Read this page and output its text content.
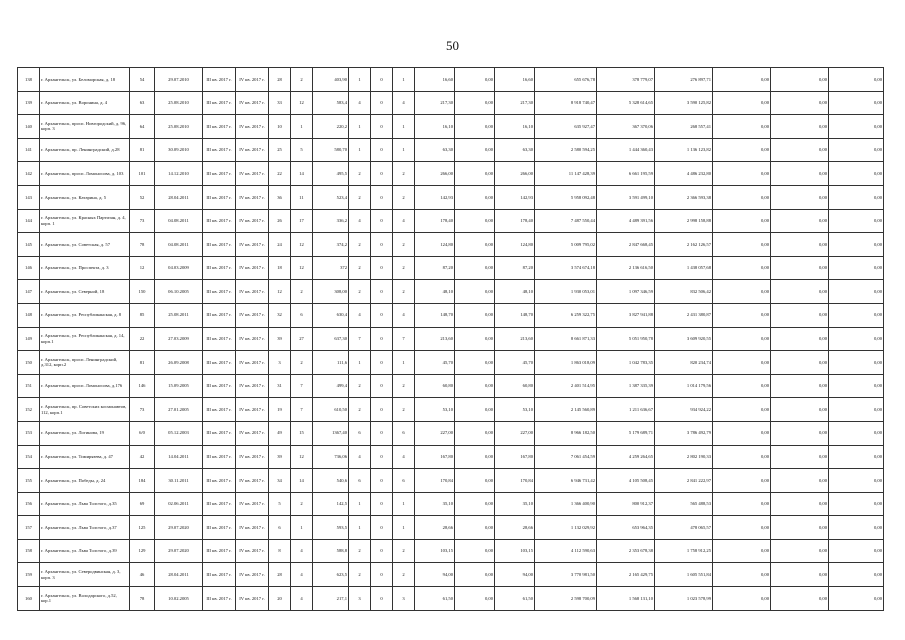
50
138	г. Архангельск, ул. Беломорская, д. 18	54	29.07.2010	III кв. 2017 г.	IV кв. 2017 г.	28	2	403,90	1	0	1	16,60	0,00	16,60	655 676,78	378 779,07	276 897,71	0,00	0,00	0,00
139	г. Архангельск, ул. Воронина, д. 4	63	25.08.2010	III кв. 2017 г.	IV кв. 2017 г.	33	12	583,4	4	0	4	217,30	0,00	217,30	8 918 740,47	5 328 614,65	3 590 125,82	0,00	0,00	0,00
140	г. Архангельск, просп. Новгородский, д. 96, корп. 3	64	25.08.2010	III кв. 2017 г.	IV кв. 2017 г.	10	1	220,2	1	0	1	16,10	0,00	16,10	635 927,47	367 370,06	268 557,41	0,00	0,00	0,00
141	г. Архангельск, пр. Ленинградский, д.28	81	30.09.2010	III кв. 2017 г.	IV кв. 2017 г.	25	5	580,70	1	0	1	63,30	0,00	63,30	2 580 594,25	1 444 360,43	1 136 123,82	0,00	0,00	0,00
142	г. Архангельск, просп. Ломоносова, д. 103	101	14.12.2010	III кв. 2017 г.	IV кв. 2017 г.	22	14	495,5	2	0	2	266,00	0,00	266,00	11 147 428,39	6 661 195,59	4 486 232,80	0,00	0,00	0,00
143	г. Архангельск, ул. Катарина, д. 5	52	28.04.2011	III кв. 2017 г.	IV кв. 2017 г.	36	11	523,4	2	0	2	142,93	0,00	142,93	5 958 092,48	3 591 499,10	2 366 593,38	0,00	0,00	0,00
144	г. Архангельск, ул. Красных Партизан, д. 4, корп. 1	73	04.08.2011	III кв. 2017 г.	IV кв. 2017 г.	26	17	336,2	4	0	4	178,40	0,00	178,40	7 487 550,44	4 489 391,56	2 998 158,88	0,00	0,00	0,00
145	г. Архангельск, ул. Советская, д. 57	78	04.08.2011	III кв. 2017 г.	IV кв. 2017 г.	24	12	374,2	2	0	2	124,80	0,00	124,80	5 009 795,02	2 847 668,45	2 162 126,57	0,00	0,00	0,00
146	г. Архангельск, ул. Проспекта, д. 3	12	04.03.2009	III кв. 2017 г.	IV кв. 2017 г.	18	12	372	2	0	2	87,20	0,00	87,20	3 574 674,18	2 136 616,50	1 438 057,68	0,00	0,00	0,00
147	г. Архангельск, ул. Северной, 18	150	06.10.2005	III кв. 2017 г.	IV кв. 2017 г.	12	2	308,00	2	0	2	48,10	0,00	48,10	1 930 053,01	1 097 346,59	832 506,42	0,00	0,00	0,00
148	г. Архангельск, ул. Республиканская, д. 8	85	25.08.2011	III кв. 2017 г.	IV кв. 2017 г.	32	6	630,4	4	0	4	148,70	0,00	148,70	6 259 322,75	3 827 941,88	2 431 380,87	0,00	0,00	0,00
149	г. Архангельск, ул. Республиканская, д. 14, корп.1	22	27.03.2009	III кв. 2017 г.	IV кв. 2017 г.	39	27	637,30	7	0	7	213,60	0,00	213,60	8 661 871,33	5 051 950,78	3 609 920,55	0,00	0,00	0,00
150	г. Архангельск, просп. Ленинградский, д.312, корп.2	81	26.09.2008	III кв. 2017 г.	IV кв. 2017 г.	3	2	111,6	1	0	1	45,70	0,00	45,70	1 863 018,09	1 042 783,35	820 234,74	0,00	0,00	0,00
151	г. Архангельск, просп. Ломоносова, д.176	146	15.09.2005	III кв. 2017 г.	IV кв. 2017 г.	31	7	499,4	2	0	2	60,80	0,00	60,80	2 401 514,95	1 387 335,39	1 014 179,56	0,00	0,00	0,00
152	г. Архангельск, пр. Советских космонавтов, 112, корп.1	73	27.01.2005	III кв. 2017 г.	IV кв. 2017 г.	19	7	610,50	2	0	2	53,10	0,00	53,10	2 145 560,89	1 211 636,67	934 924,22	0,00	0,00	0,00
153	г. Архангельск, ул. Логинова, 19	6/0	05.12.2003	III кв. 2017 г.	IV кв. 2017 г.	49	15	1367,40	6	0	6	227,00	0,00	227,00	8 966 182,50	5 179 689,71	3 786 492,79	0,00	0,00	0,00
154	г. Архангельск, ул. Тимирязева, д. 47	42	14.04.2011	III кв. 2017 г.	IV кв. 2017 г.	39	12	736,06	4	0	4	167,80	0,00	167,80	7 061 454,59	4 259 264,65	2 802 190,33	0,00	0,00	0,00
155	г. Архангельск, ул. Победы, д. 24	184	30.11.2011	III кв. 2017 г.	IV кв. 2017 г.	34	14	540,6	6	0	6	170,84	0,00	170,84	6 946 731,42	4 105 508,45	2 841 222,97	0,00	0,00	0,00
156	г. Архангельск, ул. Льва Толстого, д.35	69	02.06.2011	III кв. 2017 г.	IV кв. 2017 г.	5	2	142,5	1	0	1	35,10	0,00	35,10	1 366 400,90	800 912,37	565 488,53	0,00	0,00	0,00
157	г. Архангельск, ул. Льва Толстого, д.37	125	29.07.2020	III кв. 2017 г.	IV кв. 2017 г.	6	1	593,5	1	0	1	28,66	0,00	28,66	1 132 029,92	653 964,35	478 065,57	0,00	0,00	0,00
158	г. Архангельск, ул. Льва Толстого, д.39	129	29.07.2020	III кв. 2017 г.	IV кв. 2017 г.	8	4	588,8	2	0	2	103,15	0,00	103,15	4 112 590,63	2 353 678,38	1 758 912,25	0,00	0,00	0,00
159	г. Архангельск, ул. Северодвинская, д. 3, корп. 3	46	28.04.2011	III кв. 2017 г.	IV кв. 2017 г.	28	4	623,5	2	0	2	94,00	0,00	94,00	3 770 981,50	2 165 429,75	1 605 551,84	0,00	0,00	0,00
160	г. Архангельск, ул. Володарского, д.52, кор.1	78	10.02.2005	III кв. 2017 г.	IV кв. 2017 г.	20	4	217,1	3	0	3	61,50	0,00	61,50	2 598 700,09	1 568 131,10	1 023 578,99	0,00	0,00	0,00
